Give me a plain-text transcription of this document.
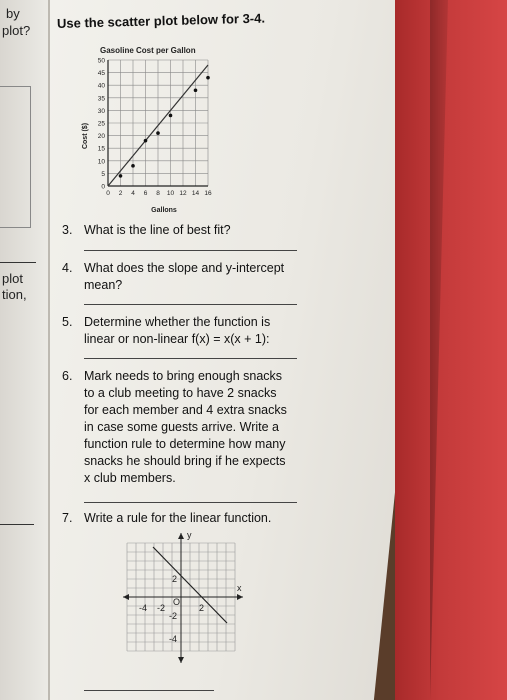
by
plot?
plot
tion,
Use the scatter plot below for 3-4.
Gasoline Cost per Gallon
0
5
10
15
20
25
30
35
40
45
50
0 2 4 6 8 10 12 14 16
Cost ($)
Gallons
3. What is the line of best fit?
4. What does the slope and y-intercept
mean?
5. Determine whether the function is
linear or non-linear f(x) = x(x + 1):
6. Mark needs to bring enough snacks
to a club meeting to have 2 snacks
for each member and 4 extra snacks
in case some guests arrive. Write a
function rule to determine how many
snacks he should bring if he expects
x club members.
7. Write a rule for the linear function.
y
x
2
-4 -2
O
2
-2
-4
